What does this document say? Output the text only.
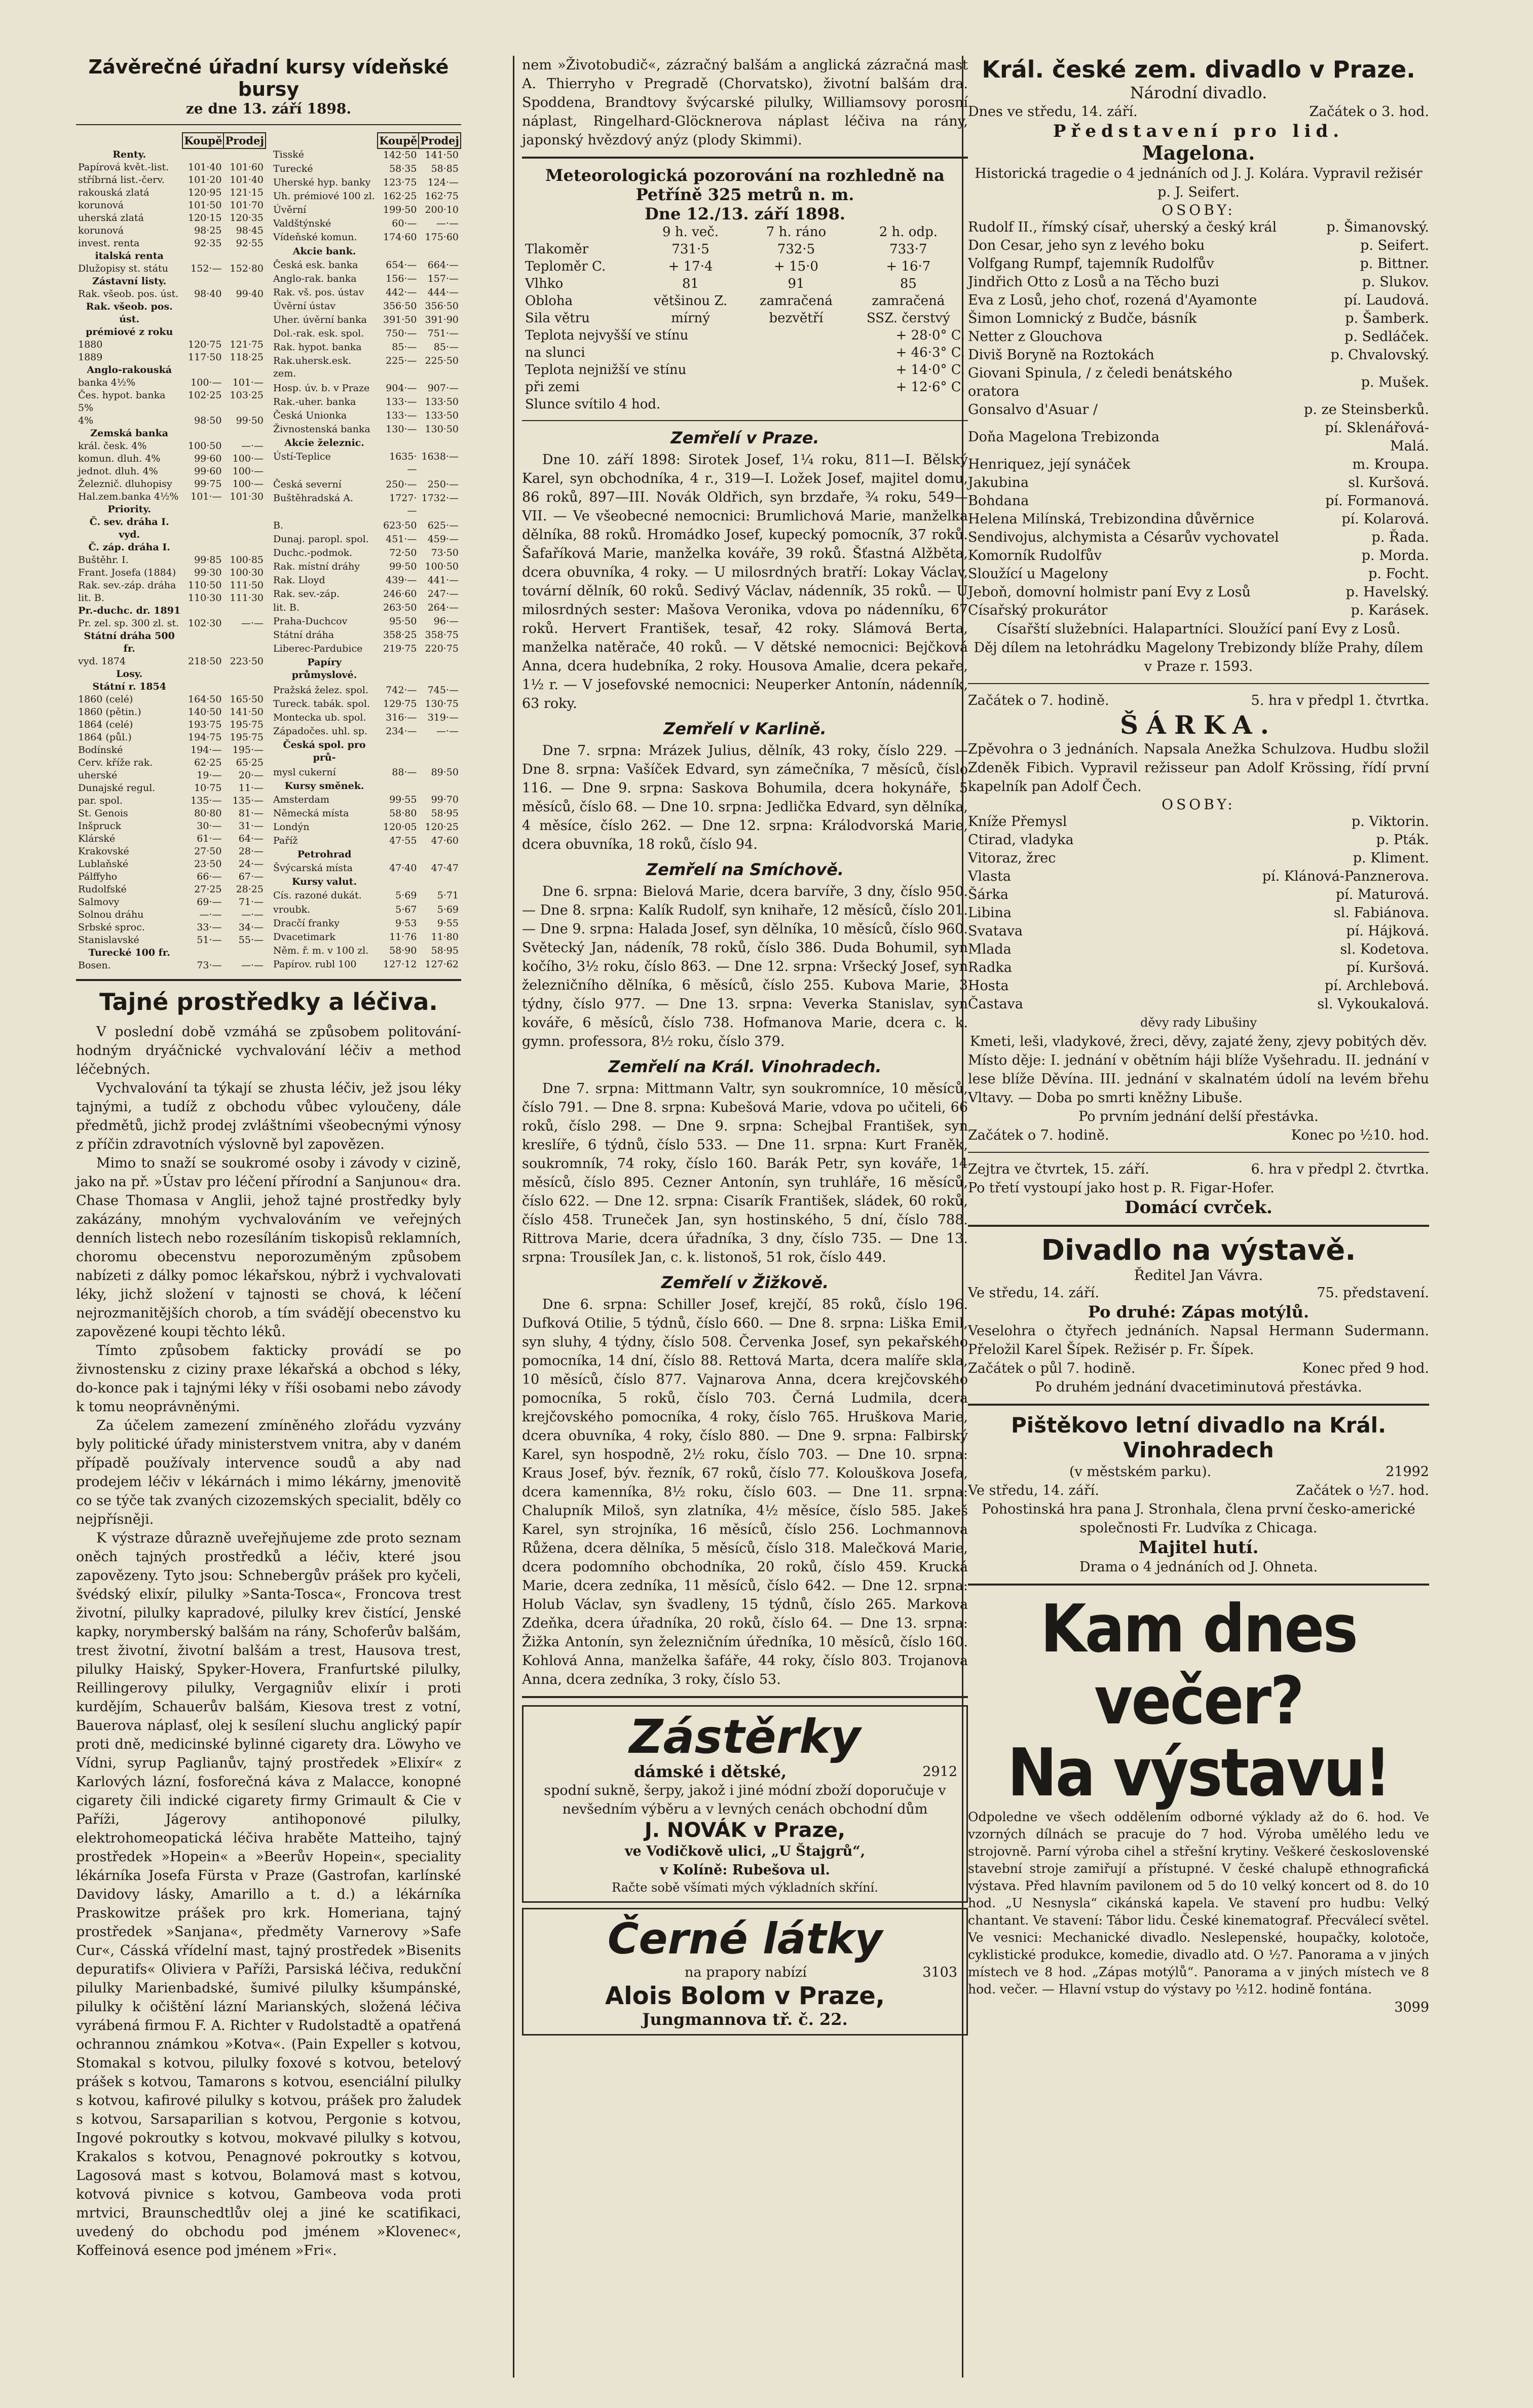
Závěrečné úřadní kursy vídeňské bursy

ze dne 13. září 1898.

	Koupě	Prodej
Renty.		
Papírová květ.-list.	101·40	101·60
stříbrná list.-červ.	101·20	101·40
rakouská zlatá	120·95	121·15
korunová	101·50	101·70
uherská zlatá	120·15	120·35
korunová	98·25	98·45
invest. renta	92·35	92·55
italská renta		
Dlužopisy st. státu	152·—	152·80
Zástavní listy.		
Rak. všeob. pos. úst.	98·40	99·40
Rak. všeob. pos. úst.		
prémiové z roku		
1880	120·75	121·75
1889	117·50	118·25
Anglo-rakouská		
banka 4½%	100·—	101·—
Čes. hypot. banka 5%	102·25	103·25
4%	98·50	99·50
Zemská banka		
král. česk. 4%	100·50	—·—
komun. dluh. 4%	99·60	100·—
jednot. dluh. 4%	99·60	100·—
Železnič. dluhopisy	99·75	100·—
Hal.zem.banka 4½%	101·—	101·30
Priority.		
Č. sev. dráha I. vyd.		
Č. záp. dráha I.		
Buštěhr. I.	99·85	100·85
Frant. Josefa (1884)	99·30	100·30
Rak. sev.-záp. dráha	110·50	111·50
lit. B.	110·30	111·30
Pr.-duchc. dr. 1891		
Pr. zel. sp. 300 zl. st.	102·30	—·—
Státní dráha 500 fr.		
vyd. 1874	218·50	223·50
Losy.		
Státní r. 1854		
1860 (celé)	164·50	165·50
1860 (pětin.)	140·50	141·50
1864 (celé)	193·75	195·75
1864 (půl.)	194·75	195·75
Bodínské	194·—	195·—
Cerv. kříže rak.	62·25	65·25
uherské	19·—	20·—
Dunajské regul.	10·75	11·—
par. spol.	135·—	135·—
St. Genois	80·80	81·—
Inšpruck	30·—	31·—
Klárské	61·—	64·—
Krakovské	27·50	28·—
Lublaňské	23·50	24·—
Pálffyho	66·—	67·—
Rudolfské	27·25	28·25
Salmovy	69·—	71·—
Solnou dráhu	—·—	—·—
Srbské sproc.	33·—	34·—
Stanislavské	51·—	55·—
Turecké 100 fr.		
Bosen.	73·—	—·—
	Koupě	Prodej
Tisské	142·50	141·50
Turecké	58·35	58·85
Uherské hyp. banky	123·75	124·—
Uh. prémiové 100 zl.	162·25	162·75
Úvěrní	199·50	200·10
Valdštýnské	60·—	—·—
Vídeňské komun.	174·60	175·60
Akcie bank.		
Česká esk. banka	654·—	664·—
Anglo-rak. banka	156·—	157·—
Rak. vš. pos. ústav	442·—	444·—
Úvěrní ústav	356·50	356·50
Uher. úvěrní banka	391·50	391·90
Dol.-rak. esk. spol.	750·—	751·—
Rak. hypot. banka	85·—	85·—
Rak.uhersk.esk. zem.	225·—	225·50
Hosp. úv. b. v Praze	904·—	907·—
Rak.-uher. banka	133·—	133·50
Česká Unionka	133·—	133·50
Živnostenská banka	130·—	130·50
Akcie železnic.		
Ústí-Teplice	1635·—	1638·—
Česká severní	250·—	250·—
Buštěhradská A.	1727·—	1732·—
B.	623·50	625·—
Dunaj. paropl. spol.	451·—	459·—
Duchc.-podmok.	72·50	73·50
Rak. místní dráhy	99·50	100·50
Rak. Lloyd	439·—	441·—
Rak. sev.-záp.	246·60	247·—
lit. B.	263·50	264·—
Praha-Duchcov	95·50	96·—
Státní dráha	358·25	358·75
Liberec-Pardubice	219·75	220·75
Papíry průmyslové.		
Pražská želez. spol.	742·—	745·—
Tureck. tabák. spol.	129·75	130·75
Montecka ub. spol.	316·—	319·—
Západočes. uhl. sp.	234·—	—·—
Česká spol. pro prů-		
mysl cukerní	88·—	89·50
Kursy směnek.		
Amsterdam	99·55	99·70
Německá místa	58·80	58·95
Londýn	120·05	120·25
Paříž	47·55	47·60
Petrohrad		
Švýcarská místa	47·40	47·47
Kursy valut.		
Cís. razoné dukát.	5·69	5·71
vroubk.	5·67	5·69
Dracčí franky	9·53	9·55
Dvacetimark	11·76	11·80
Něm. ř. m. v 100 zl.	58·90	58·95
Papírov. rubl 100	127·12	127·62

Tajné prostředky a léčiva.

V poslední době vzmáhá se způsobem politování-hodným dryáčnické vychvalování léčiv a method léčebných.

Vychvalování ta týkají se zhusta léčiv, jež jsou léky tajnými, a tudíž z obchodu vůbec vyloučeny, dále předmětů, jichž prodej zvláštními všeobecnými výnosy z příčin zdravotních výslovně byl zapovězen.

Mimo to snaží se soukromé osoby i závody v cizině, jako na př. »Ústav pro léčení přírodní a Sanjunou« dra. Chase Thomasa v Anglii, jehož tajné prostředky byly zakázány, mnohým vychvalováním ve veřejných denních listech nebo rozesíláním tiskopisů reklamních, choromu obecenstvu neporozuměným způsobem nabízeti z dálky pomoc lékařskou, nýbrž i vychvalovati léky, jichž složení v tajnosti se chová, k léčení nejrozmanitějších chorob, a tím svádějí obecenstvo ku zapovězené koupi těchto léků.

Tímto způsobem fakticky provádí se po živnostensku z ciziny praxe lékařská a obchod s léky, do-konce pak i tajnými léky v říši osobami nebo závody k tomu neoprávněnými.

Za účelem zamezení zmíněného zlořádu vyzvány byly politické úřady ministerstvem vnitra, aby v daném případě používaly intervence soudů a aby nad prodejem léčiv v lékárnách i mimo lékárny, jmenovitě co se týče tak zvaných cizozemských specialit, bděly co nejpřísněji.

K výstraze důrazně uveřejňujeme zde proto seznam oněch tajných prostředků a léčiv, které jsou zapovězeny. Tyto jsou: Schnebergův prášek pro kyčeli, švédský elixír, pilulky »Santa-Tosca«, Froncova trest životní, pilulky kapradové, pilulky krev čistící, Jenské kapky, norymberský balšám na rány, Schoferův balšám, trest životní, životní balšám a trest, Hausova trest, pilulky Haiský, Spyker-Hovera, Franfurtské pilulky, Reillingerovy pilulky, Vergagniův elixír i proti kurdějím, Schauerův balšám, Kiesova trest z votní, Bauerova náplasť, olej k sesílení sluchu anglický papír proti dně, medicinské bylinné cigarety dra. Löwyho ve Vídni, syrup Paglianův, tajný prostředek »Elixír« z Karlových lázní, fosforečná káva z Malacce, konopné cigarety čili indické cigarety firmy Grimault & Cie v Paříži, Jágerovy antihoponové pilulky, elektrohomeopatická léčiva hraběte Matteiho, tajný prostředek »Hopein« a »Beerův Hopein«, speciality lékárníka Josefa Fürsta v Praze (Gastrofan, karlínské Davidovy lásky, Amarillo a t. d.) a lékárníka Praskowitze prášek pro krk. Homeriana, tajný prostředek »Sanjana«, předměty Varnerovy »Safe Cur«, Cásská vřídelní mast, tajný prostředek »Bisenits depuratifs« Oliviera v Paříži, Parsiská léčiva, redukční pilulky Marienbadské, šumivé pilulky kšumpánské, pilulky k očištění lázní Marianských, složená léčiva vyrábená firmou F. A. Richter v Rudolstadtě a opatřená ochrannou známkou »Kotva«. (Pain Expeller s kotvou, Stomakal s kotvou, pilulky foxové s kotvou, betelový prášek s kotvou, Tamarons s kotvou, esenciální pilulky s kotvou, kafirové pilulky s kotvou, prášek pro žaludek s kotvou, Sarsaparilian s kotvou, Pergonie s kotvou, Ingové pokroutky s kotvou, mokvavé pilulky s kotvou, Krakalos s kotvou, Penagnové pokroutky s kotvou, Lagosová mast s kotvou, Bolamová mast s kotvou, kotvová pivnice s kotvou, Gambeova voda proti mrtvici, Braunschedtlův olej a jiné ke scatifikaci, uvedený do obchodu pod jménem »Klovenec«, Koffeinová esence pod jménem »Fri«.

nem »Životobudič«, zázračný balšám a anglická zázračná mast A. Thierryho v Pregradě (Chorvatsko), životní balšám dra. Spoddena, Brandtovy švýcarské pilulky, Williamsovy porosní náplast, Ringelhard-Glöcknerova náplast léčiva na rány, japonský hvězdový anýz (plody Skimmi).

Meteorologická pozorování na rozhledně na Petříně 325 metrů n. m.

Dne 12./13. září 1898.

	9 h. več.	7 h. ráno	2 h. odp.
Tlakoměr	731·5	732·5	733·7
Teploměr C.	+ 17·4	+ 15·0	+ 16·7
Vlhko	81	91	85
Obloha	většinou Z.	zamračená	zamračená
Sila větru	mírný	bezvětří	SSZ. čerstvý
Teplota nejvyšší ve stínu	+ 28·0° C.
na slunci	+ 46·3° C.
Teplota nejnižší ve stínu	+ 14·0° C.
při zemi	+ 12·6° C.
Slunce svítilo 4 hod.	

Zemřelí v Praze.

Dne 10. září 1898: Sirotek Josef, 1¼ roku, 811—I. Bělský Karel, syn obchodníka, 4 r., 319—I. Ložek Josef, majitel domu, 86 roků, 897—III. Novák Oldřich, syn brzdaře, ¾ roku, 549—VII. — Ve všeobecné nemocnici: Brumlichová Marie, manželka dělníka, 88 roků. Hromádko Josef, kupecký pomocník, 37 roků. Šafaříková Marie, manželka kováře, 39 roků. Šťastná Alžběta, dcera obuvníka, 4 roky. — U milosrdných bratří: Lokay Václav, tovární dělník, 60 roků. Sedivý Václav, nádenník, 35 roků. — U milosrdných sester: Mašova Veronika, vdova po nádenníku, 67 roků. Hervert František, tesař, 42 roky. Slámová Berta, manželka natěrače, 40 roků. — V dětské nemocnici: Bejčková Anna, dcera hudebníka, 2 roky. Housova Amalie, dcera pekaře, 1½ r. — V josefovské nemocnici: Neuperker Antonín, nádenník, 63 roky.

Zemřelí v Karlině.

Dne 7. srpna: Mrázek Julius, dělník, 43 roky, číslo 229. — Dne 8. srpna: Vašíček Edvard, syn zámečníka, 7 měsíců, číslo 116. — Dne 9. srpna: Saskova Bohumila, dcera hokynáře, 5 měsíců, číslo 68. — Dne 10. srpna: Jedlička Edvard, syn dělníka, 4 měsíce, číslo 262. — Dne 12. srpna: Králodvorská Marie, dcera obuvníka, 18 roků, číslo 94.

Zemřelí na Smíchově.

Dne 6. srpna: Bielová Marie, dcera barvíře, 3 dny, číslo 950. — Dne 8. srpna: Kalík Rudolf, syn knihaře, 12 měsíců, číslo 201. — Dne 9. srpna: Halada Josef, syn dělníka, 10 měsíců, číslo 960. Světecký Jan, nádeník, 78 roků, číslo 386. Duda Bohumil, syn kočího, 3½ roku, číslo 863. — Dne 12. srpna: Vršecký Josef, syn železničního dělníka, 6 měsíců, číslo 255. Kubova Marie, 3 týdny, číslo 977. — Dne 13. srpna: Veverka Stanislav, syn kováře, 6 měsíců, číslo 738. Hofmanova Marie, dcera c. k. gymn. professora, 8½ roku, číslo 379.

Zemřelí na Král. Vinohradech.

Dne 7. srpna: Mittmann Valtr, syn soukromníce, 10 měsíců, číslo 791. — Dne 8. srpna: Kubešová Marie, vdova po učiteli, 66 roků, číslo 298. — Dne 9. srpna: Schejbal František, syn kreslíře, 6 týdnů, číslo 533. — Dne 11. srpna: Kurt Franěk, soukromník, 74 roky, číslo 160. Barák Petr, syn kováře, 14 měsíců, číslo 895. Cezner Antonín, syn truhláře, 16 měsíců, číslo 622. — Dne 12. srpna: Cisarík František, sládek, 60 roků, číslo 458. Truneček Jan, syn hostinského, 5 dní, číslo 788. Rittrova Marie, dcera úřadníka, 3 dny, číslo 735. — Dne 13. srpna: Trousílek Jan, c. k. listonoš, 51 rok, číslo 449.

Zemřelí v Žižkově.

Dne 6. srpna: Schiller Josef, krejčí, 85 roků, číslo 196. Dufková Otilie, 5 týdnů, číslo 660. — Dne 8. srpna: Liška Emil, syn sluhy, 4 týdny, číslo 508. Červenka Josef, syn pekařského pomocníka, 14 dní, číslo 88. Rettová Marta, dcera malíře skla, 10 měsíců, číslo 877. Vajnarova Anna, dcera krejčovského pomocníka, 5 roků, číslo 703. Černá Ludmila, dcera krejčovského pomocníka, 4 roky, číslo 765. Hruškova Marie, dcera obuvníka, 4 roky, číslo 880. — Dne 9. srpna: Falbirský Karel, syn hospodně, 2½ roku, číslo 703. — Dne 10. srpna: Kraus Josef, býv. řezník, 67 roků, číslo 77. Kolouškova Josefa, dcera kamenníka, 8½ roku, číslo 603. — Dne 11. srpna: Chalupník Miloš, syn zlatníka, 4½ měsíce, číslo 585. Jakeš Karel, syn strojníka, 16 měsíců, číslo 256. Lochmannova Růžena, dcera dělníka, 5 měsíců, číslo 318. Malečková Marie, dcera podomního obchodníka, 20 roků, číslo 459. Krucká Marie, dcera zedníka, 11 měsíců, číslo 642. — Dne 12. srpna: Holub Václav, syn švadleny, 15 týdnů, číslo 265. Markova Zdeňka, dcera úřadníka, 20 roků, číslo 64. — Dne 13. srpna: Žižka Antonín, syn železničním úředníka, 10 měsíců, číslo 160. Kohlová Anna, manželka šafáře, 44 roky, číslo 803. Trojanova Anna, dcera zedníka, 3 roky, číslo 53.

Zástěrky

dámské i dětské,	2912

spodní sukně, šerpy, jakož i jiné módní zboží doporučuje v nevšedním výběru a v levných cenách obchodní dům

J. NOVÁK v Praze,

ve Vodičkově ulici, „U Štajgrů“,

v Kolíně: Rubešova ul.

Račte sobě všímati mých výkladních skříní.

Černé látky

na prapory nabízí	3103

Alois Bolom v Praze,

Jungmannova tř. č. 22.

Král. české zem. divadlo v Praze.

Národní divadlo.

Dnes ve středu, 14. září.	Začátek o 3. hod.

Představení pro lid.

Magelona.

Historická tragedie o 4 jednáních od J. J. Kolára. Vypravil režisér p. J. Seifert.

OSOBY:

Rudolf II., římský císař, uherský a český král	p. Šimanovský.
Don Cesar, jeho syn z levého boku	p. Seifert.
Volfgang Rumpf, tajemník Rudolfův	p. Bittner.
Jindřich Otto z Losů a na Těcho buzi	p. Slukov.
Eva z Losů, jeho choť, rozená d'Ayamonte	pí. Laudová.
Šimon Lomnický z Budče, básník	p. Šamberk.
Netter z Glouchova	p. Sedláček.
Diviš Boryně na Roztokách	p. Chvalovský.
Giovani Spinula, / z čeledi benátského oratora	p. Mušek.
Gonsalvo d'Asuar /	p. ze Steinsberků.
Doňa Magelona Trebizonda	pí. Sklenářová-Malá.
Henriquez, její synáček	m. Kroupa.
Jakubina	sl. Kuršová.
Bohdana	pí. Formanová.
Helena Milínská, Trebizondina důvěrnice	pí. Kolarová.
Sendivojus, alchymista a Césarův vychovatel	p. Řada.
Komorník Rudolfův	p. Morda.
Sloužící u Magelony	p. Focht.
Jeboň, domovní holmistr paní Evy z Losů	p. Havelský.
Císařský prokurátor	p. Karásek.

Císařští služebníci. Halapartníci. Sloužící paní Evy z Losů.

Děj dílem na letohrádku Magelony Trebizondy blíže Prahy, dílem v Praze r. 1593.

Začátek o 7. hodině.	5. hra v předpl 1. čtvrtka.

ŠÁRKA.

Zpěvohra o 3 jednáních. Napsala Anežka Schulzova. Hudbu složil Zdeněk Fibich. Vypravil režisseur pan Adolf Krössing, řídí první kapelník pan Adolf Čech.

OSOBY:

Kníže Přemysl	p. Viktorin.
Ctirad, vladyka	p. Pták.
Vitoraz, žrec	p. Kliment.
Vlasta	pí. Klánová-Panznerova.
Šárka	pí. Maturová.
Libina	sl. Fabiánova.
Svatava	pí. Hájková.
Mlada	sl. Kodetova.
Radka	pí. Kuršová.
Hosta	pí. Archlebová.
Častava	sl. Vykoukalová.

děvy rady Libušiny

Kmeti, leši, vladykové, žreci, děvy, zajaté ženy, zjevy pobitých děv.

Místo děje: I. jednání v obětním háji blíže Vyšehradu. II. jednání v lese blíže Děvína. III. jednání v skalnatém údolí na levém břehu Vltavy. — Doba po smrti kněžny Libuše.

Po prvním jednání delší přestávka.

Začátek o 7. hodině.	Konec po ½10. hod.
Zejtra ve čtvrtek, 15. září.	6. hra v předpl 2. čtvrtka.

Po třetí vystoupí jako host p. R. Figar-Hofer.

Domácí cvrček.

Divadlo na výstavě.

Ředitel Jan Vávra.

Ve středu, 14. září.	75. představení.

Po druhé: Zápas motýlů.

Veselohra o čtyřech jednáních. Napsal Hermann Sudermann. Přeložil Karel Šípek. Režisér p. Fr. Šípek.

Začátek o půl 7. hodině.	Konec před 9 hod.

Po druhém jednání dvacetiminutová přestávka.

Pištěkovo letní divadlo na Král. Vinohradech

(v městském parku).	21992
Ve středu, 14. září.	Začátek o ½7. hod.

Pohostinská hra pana J. Stronhala, člena první česko-americké společnosti Fr. Ludvíka z Chicaga.

Majitel hutí.

Drama o 4 jednáních od J. Ohneta.

Kam dnes večer?

Na výstavu!

Odpoledne ve všech oddělením odborné výklady až do 6. hod. Ve vzorných dílnách se pracuje do 7 hod. Výroba umělého ledu ve strojovně. Parní výroba cihel a střešní krytiny. Veškeré československé stavební stroje zamiřují a přístupné. V české chalupě ethnografická výstava. Před hlavním pavilonem od 5 do 10 velký koncert od 8. do 10 hod. „U Nesnysla“ cikánská kapela. Ve stavení pro hudbu: Velký chantant. Ve stavení: Tábor lidu. České kinematograf. Přecválecí světel. Ve vesnici: Mechanické divadlo. Neslepenské, houpačky, kolotoče, cyklistické produkce, komedie, divadlo atd. O ½7. Panorama a v jiných místech ve 8 hod. „Zápas motýlů“. Panorama a v jiných místech ve 8 hod. večer. — Hlavní vstup do výstavy po ½12. hodině fontána.

3099
